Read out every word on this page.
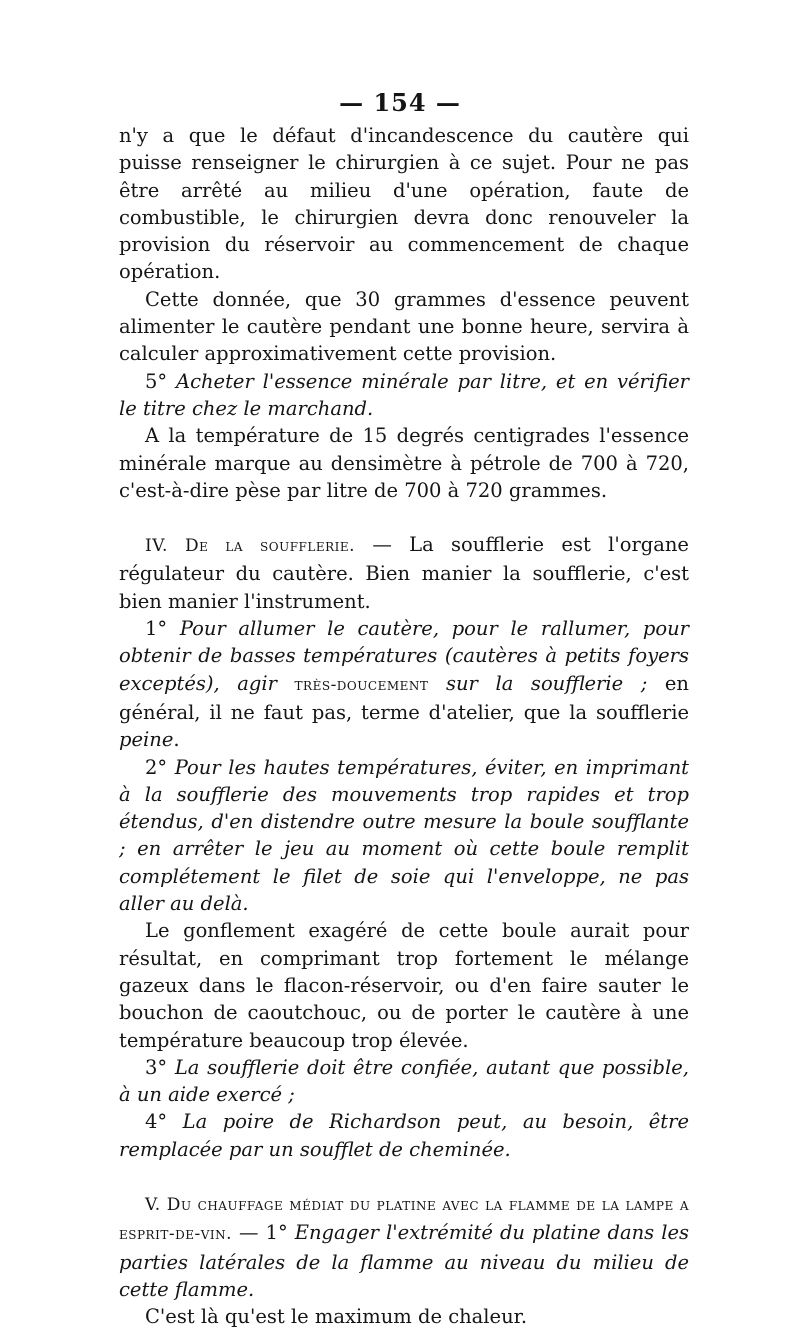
— 154 —

n'y a que le défaut d'incandescence du cautère qui puisse renseigner le chirurgien à ce sujet. Pour ne pas être arrêté au milieu d'une opération, faute de combustible, le chirurgien devra donc renouveler la provision du réservoir au commencement de chaque opération.

Cette donnée, que 30 grammes d'essence peuvent alimenter le cautère pendant une bonne heure, servira à calculer approximativement cette provision.

5° Acheter l'essence minérale par litre, et en vérifier le titre chez le marchand.

A la température de 15 degrés centigrades l'essence minérale marque au densimètre à pétrole de 700 à 720, c'est-à-dire pèse par litre de 700 à 720 grammes.

IV. De la soufflerie. — La soufflerie est l'organe régulateur du cautère. Bien manier la soufflerie, c'est bien manier l'instrument.

1° Pour allumer le cautère, pour le rallumer, pour obtenir de basses températures (cautères à petits foyers exceptés), agir très-doucement sur la soufflerie ; en général, il ne faut pas, terme d'atelier, que la soufflerie peine.

2° Pour les hautes températures, éviter, en imprimant à la soufflerie des mouvements trop rapides et trop étendus, d'en distendre outre mesure la boule soufflante ; en arrêter le jeu au moment où cette boule remplit complétement le filet de soie qui l'enveloppe, ne pas aller au delà.

Le gonflement exagéré de cette boule aurait pour résultat, en comprimant trop fortement le mélange gazeux dans le flacon-réservoir, ou d'en faire sauter le bouchon de caoutchouc, ou de porter le cautère à une température beaucoup trop élevée.

3° La soufflerie doit être confiée, autant que possible, à un aide exercé ;

4° La poire de Richardson peut, au besoin, être remplacée par un soufflet de cheminée.

V. Du chauffage médiat du platine avec la flamme de la lampe a esprit-de-vin. — 1° Engager l'extrémité du platine dans les parties latérales de la flamme au niveau du milieu de cette flamme.

C'est là qu'est le maximum de chaleur.
